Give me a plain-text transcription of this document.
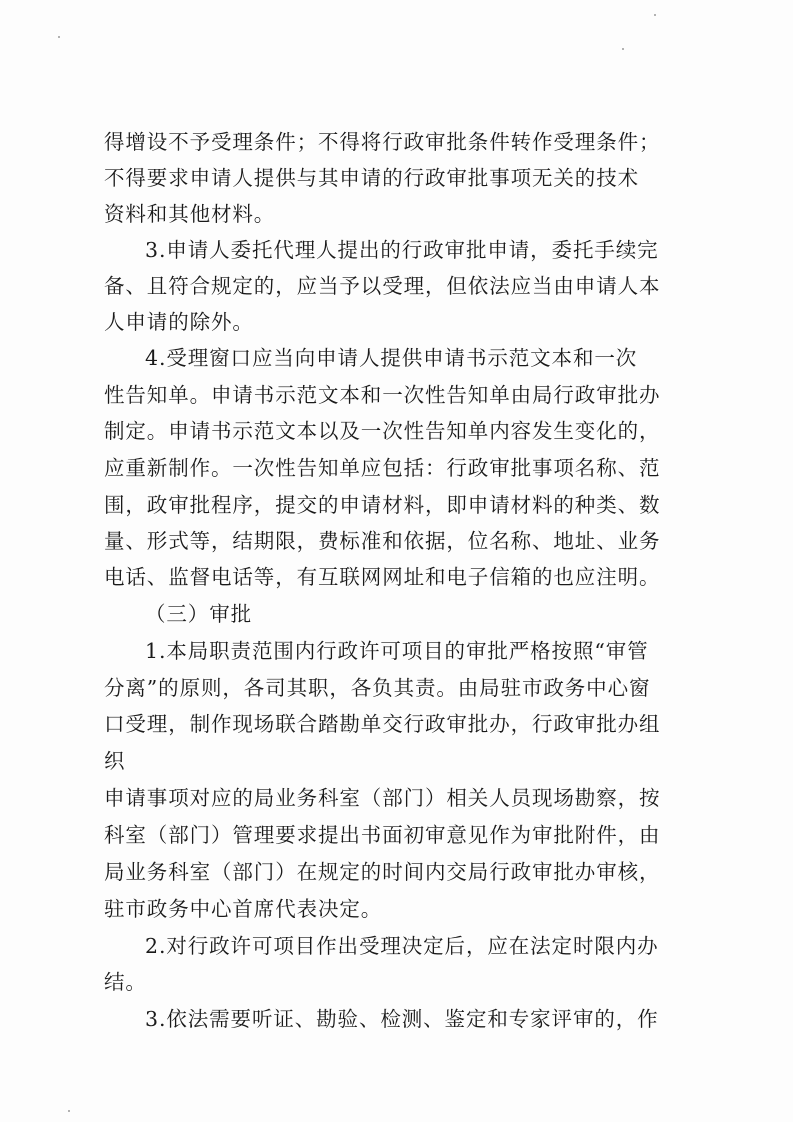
得增设不予受理条件；不得将行政审批条件转作受理条件；
不得要求申请人提供与其申请的行政审批事项无关的技术
资料和其他材料。
3.申请人委托代理人提出的行政审批申请，委托手续完
备、且符合规定的，应当予以受理，但依法应当由申请人本
人申请的除外。
4.受理窗口应当向申请人提供申请书示范文本和一次
性告知单。申请书示范文本和一次性告知单由局行政审批办
制定。申请书示范文本以及一次性告知单内容发生变化的，
应重新制作。一次性告知单应包括：行政审批事项名称、范
围，政审批程序，提交的申请材料，即申请材料的种类、数
量、形式等，结期限，费标准和依据，位名称、地址、业务
电话、监督电话等，有互联网网址和电子信箱的也应注明。
（三）审批
1.本局职责范围内行政许可项目的审批严格按照“审管
分离”的原则，各司其职，各负其责。由局驻市政务中心窗
口受理，制作现场联合踏勘单交行政审批办，行政审批办组
织
申请事项对应的局业务科室（部门）相关人员现场勘察，按
科室（部门）管理要求提出书面初审意见作为审批附件，由
局业务科室（部门）在规定的时间内交局行政审批办审核，
驻市政务中心首席代表决定。
2.对行政许可项目作出受理决定后，应在法定时限内办
结。
3.依法需要听证、勘验、检测、鉴定和专家评审的，作
